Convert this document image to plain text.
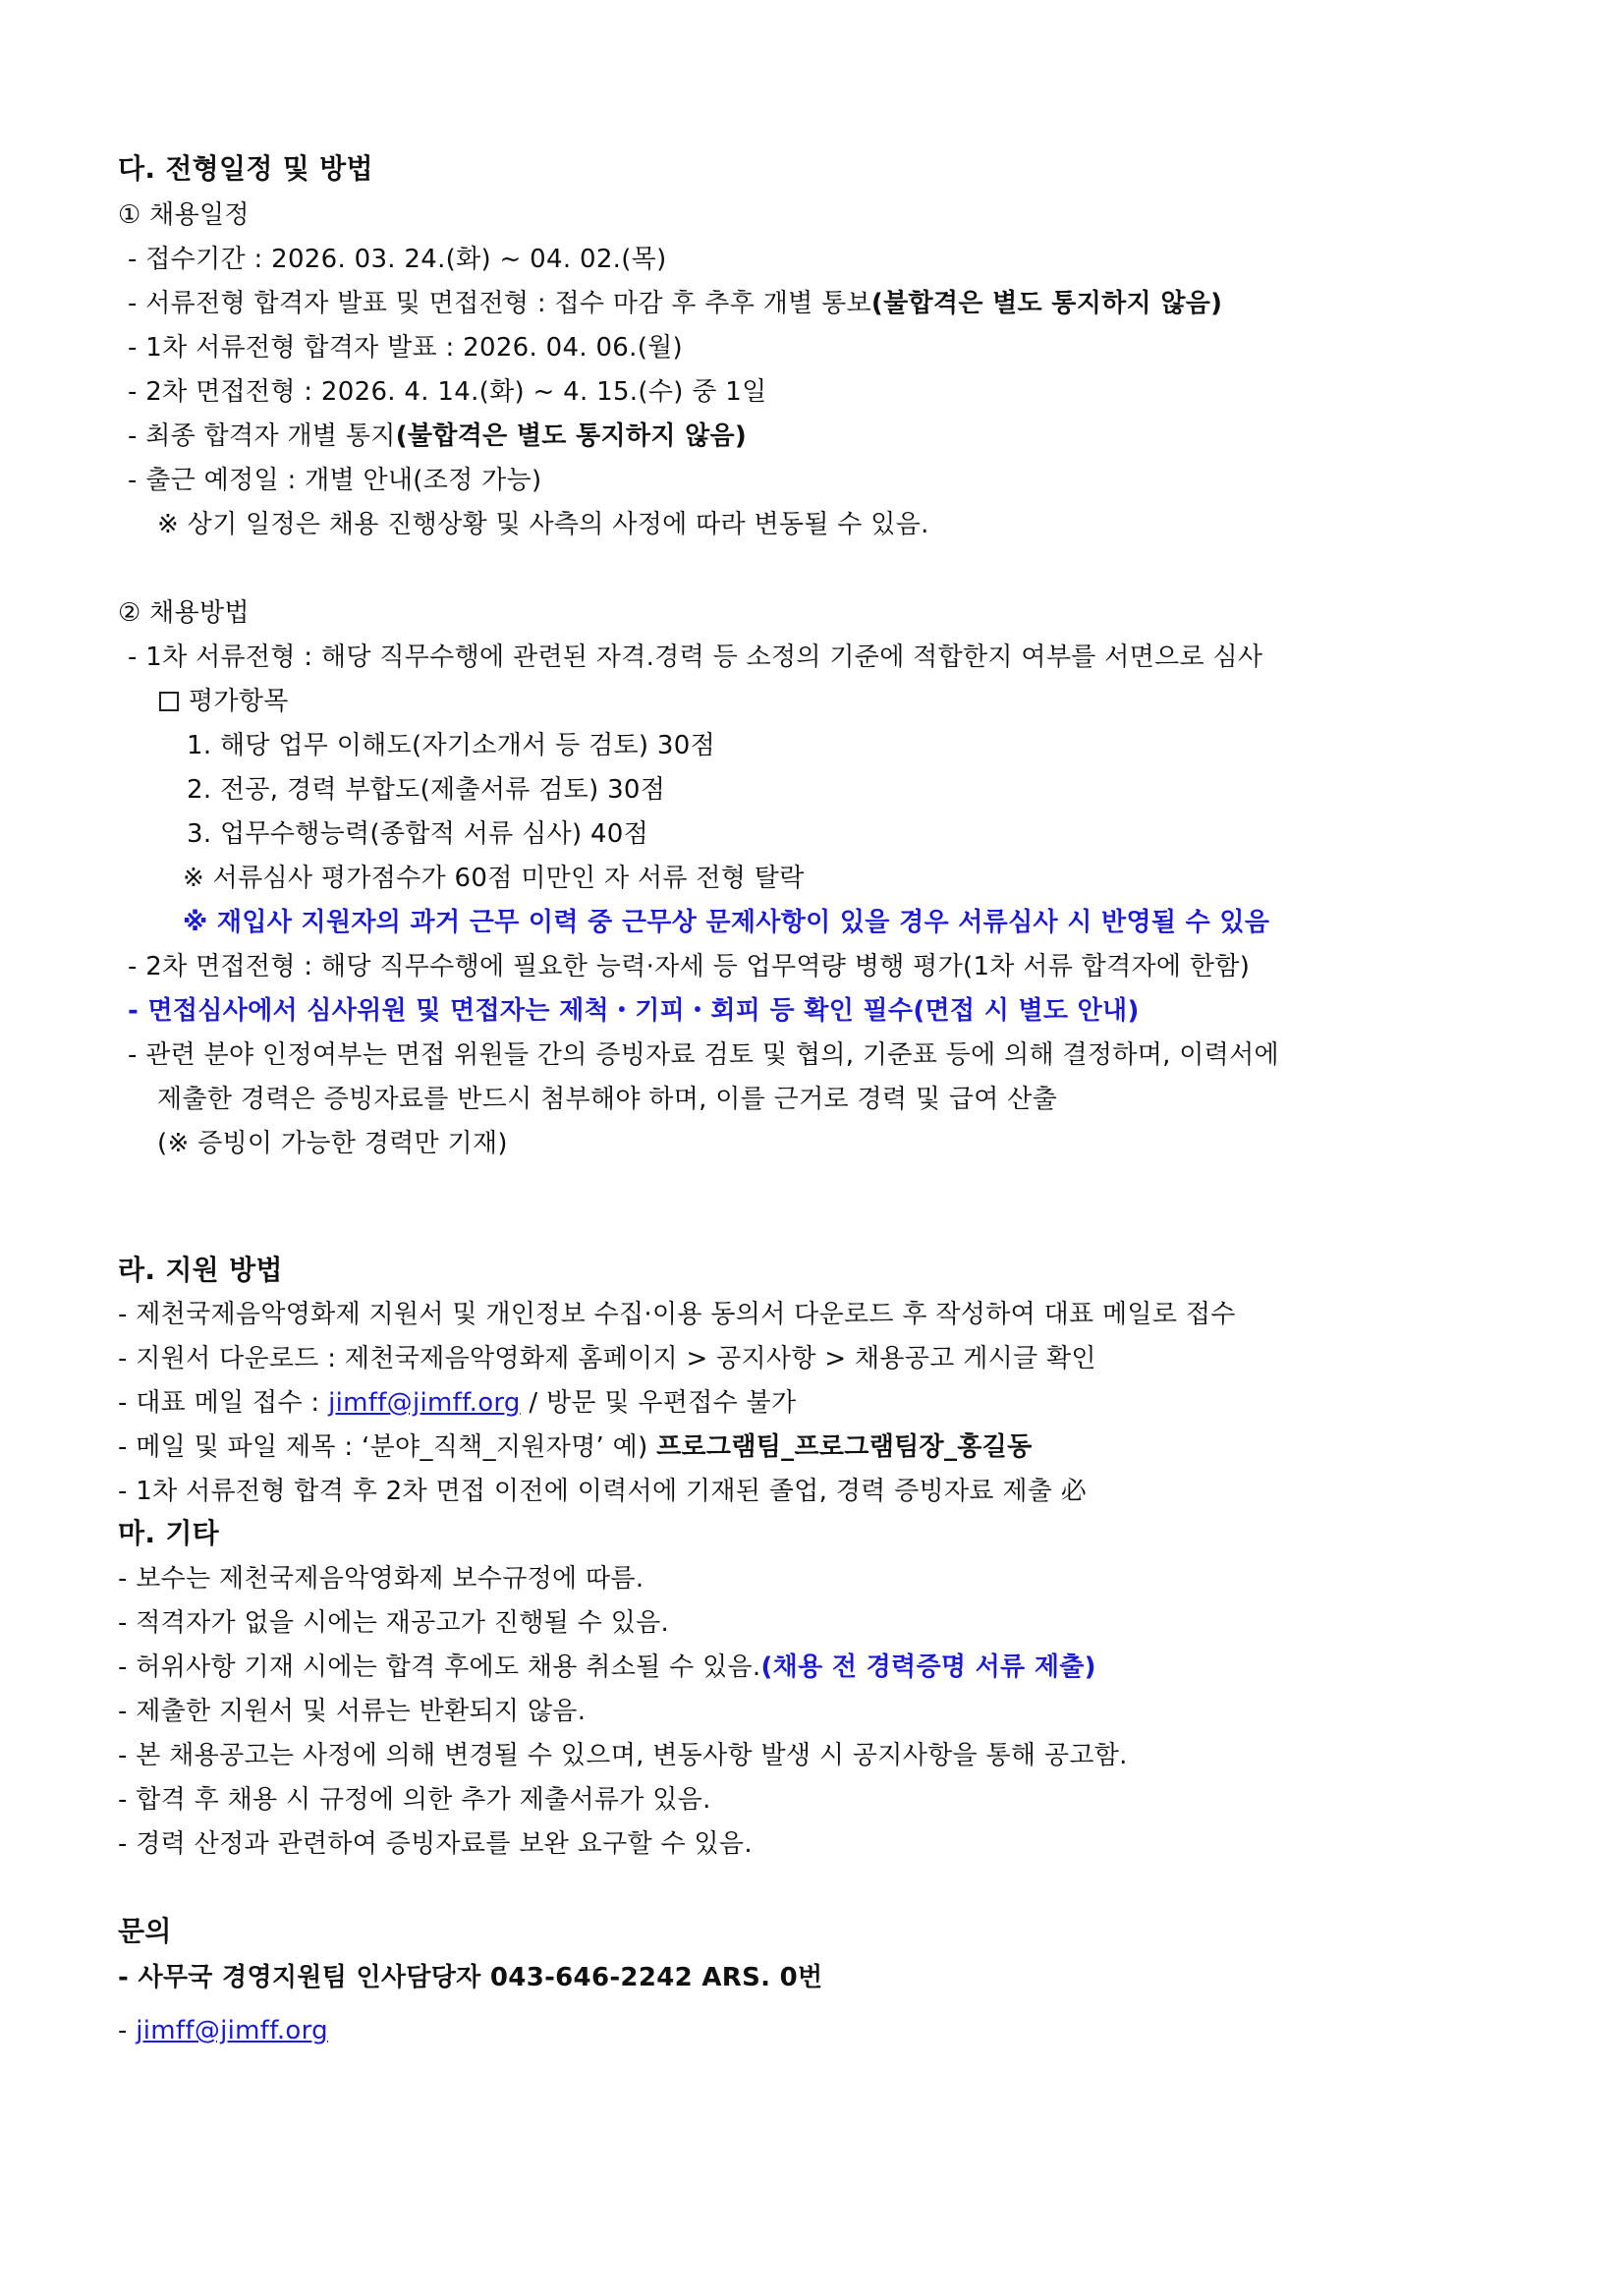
다. 전형일정 및 방법
① 채용일정
- 접수기간 : 2026. 03. 24.(화) ~ 04. 02.(목)
- 서류전형 합격자 발표 및 면접전형 : 접수 마감 후 추후 개별 통보(불합격은 별도 통지하지 않음)
- 1차 서류전형 합격자 발표 : 2026. 04. 06.(월)
- 2차 면접전형 : 2026. 4. 14.(화) ~ 4. 15.(수) 중 1일
- 최종 합격자 개별 통지(불합격은 별도 통지하지 않음)
- 출근 예정일 : 개별 안내(조정 가능)
※ 상기 일정은 채용 진행상황 및 사측의 사정에 따라 변동될 수 있음.
② 채용방법
- 1차 서류전형 : 해당 직무수행에 관련된 자격.경력 등 소정의 기준에 적합한지 여부를 서면으로 심사
평가항목
1. 해당 업무 이해도(자기소개서 등 검토) 30점
2. 전공, 경력 부합도(제출서류 검토) 30점
3. 업무수행능력(종합적 서류 심사) 40점
※ 서류심사 평가점수가 60점 미만인 자 서류 전형 탈락
※ 재입사 지원자의 과거 근무 이력 중 근무상 문제사항이 있을 경우 서류심사 시 반영될 수 있음
- 2차 면접전형 : 해당 직무수행에 필요한 능력·자세 등 업무역량 병행 평가(1차 서류 합격자에 한함)
- 면접심사에서 심사위원 및 면접자는 제척・기피・회피 등 확인 필수(면접 시 별도 안내)
- 관련 분야 인정여부는 면접 위원들 간의 증빙자료 검토 및 협의, 기준표 등에 의해 결정하며, 이력서에
제출한 경력은 증빙자료를 반드시 첨부해야 하며, 이를 근거로 경력 및 급여 산출
(※ 증빙이 가능한 경력만 기재)
라. 지원 방법
- 제천국제음악영화제 지원서 및 개인정보 수집·이용 동의서 다운로드 후 작성하여 대표 메일로 접수
- 지원서 다운로드 : 제천국제음악영화제 홈페이지 > 공지사항 > 채용공고 게시글 확인
- 대표 메일 접수 : jimff@jimff.org / 방문 및 우편접수 불가
- 메일 및 파일 제목 : ‘분야_직책_지원자명’ 예) 프로그램팀_프로그램팀장_홍길동
- 1차 서류전형 합격 후 2차 면접 이전에 이력서에 기재된 졸업, 경력 증빙자료 제출 必
마. 기타
- 보수는 제천국제음악영화제 보수규정에 따름.
- 적격자가 없을 시에는 재공고가 진행될 수 있음.
- 허위사항 기재 시에는 합격 후에도 채용 취소될 수 있음.(채용 전 경력증명 서류 제출)
- 제출한 지원서 및 서류는 반환되지 않음.
- 본 채용공고는 사정에 의해 변경될 수 있으며, 변동사항 발생 시 공지사항을 통해 공고함.
- 합격 후 채용 시 규정에 의한 추가 제출서류가 있음.
- 경력 산정과 관련하여 증빙자료를 보완 요구할 수 있음.
문의
- 사무국 경영지원팀 인사담당자 043-646-2242 ARS. 0번
- jimff@jimff.org
